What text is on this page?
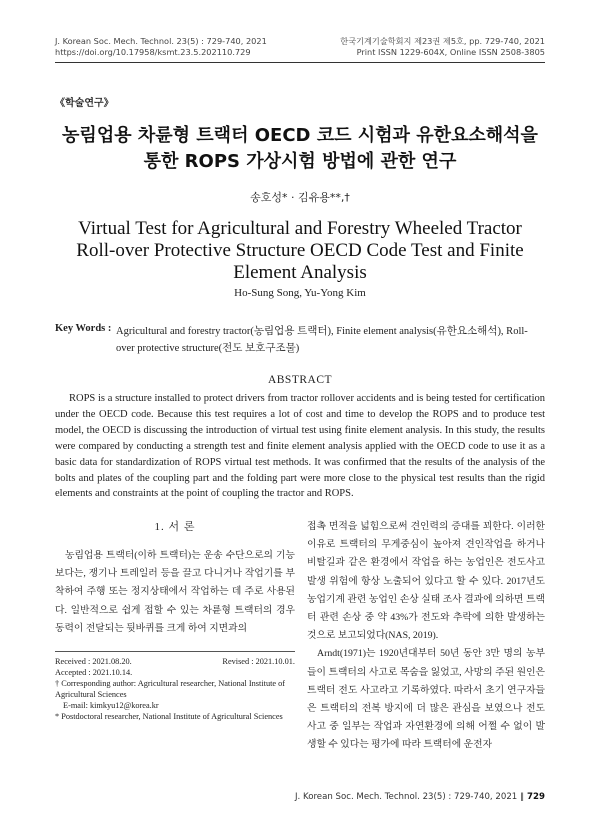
J. Korean Soc. Mech. Technol. 23(5) : 729-740, 2021
https://doi.org/10.17958/ksmt.23.5.202110.729
한국기계기술학회지 제23권 제5호, pp. 729-740, 2021
Print ISSN 1229-604X, Online ISSN 2508-3805
《학술연구》
농림업용 차륜형 트랙터 OECD 코드 시험과 유한요소해석을
통한 ROPS 가상시험 방법에 관한 연구
송호성* · 김유용**,†
Virtual Test for Agricultural and Forestry Wheeled Tractor
Roll-over Protective Structure OECD Code Test and Finite
Element Analysis
Ho-Sung Song, Yu-Yong Kim
Key Words : Agricultural and forestry tractor(농림업용 트랙터), Finite element analysis(유한요소해석), Roll-over protective structure(전도 보호구조물)
ABSTRACT
ROPS is a structure installed to protect drivers from tractor rollover accidents and is being tested for certification under the OECD code. Because this test requires a lot of cost and time to develop the ROPS and to produce test model, the OECD is discussing the introduction of virtual test using finite element analysis. In this study, the results were compared by conducting a strength test and finite element analysis applied with the OECD code to use it as a basic data for standardization of ROPS virtual test methods. It was confirmed that the results of the analysis of the bolts and plates of the coupling part and the folding part were more close to the physical test results than the rigid elements and constraints at the point of coupling the tractor and ROPS.
1. 서 론
농림업용 트랙터(이하 트랙터)는 운송 수단으로의 기능보다는, 쟁기나 트레일러 등을 끌고 다니거나 작업기를 부착하여 주행 또는 정지상태에서 작업하는 데 주로 사용된다. 일반적으로 쉽게 접할 수 있는 차륜형 트랙터의 경우 동력이 전달되는 뒷바퀴를 크게 하여 지면과의

접촉 면적을 넓힘으로써 견인력의 증대를 꾀한다. 이러한 이유로 트랙터의 무게중심이 높아져 견인작업을 하거나 비탈길과 같은 환경에서 작업을 하는 농업인은 전도사고 발생 위험에 항상 노출되어 있다고 할 수 있다. 2017년도 농업기계 관련 농업인 손상 실태 조사 결과에 의하면 트랙터 관련 손상 중 약 43%가 전도와 추락에 의한 발생하는 것으로 보고되었다(NAS, 2019).

Arndt(1971)는 1920년대부터 50년 동안 3만 명의 농부들이 트랙터의 사고로 목숨을 잃었고, 사망의 주된 원인은 트랙터 전도 사고라고 기록하였다. 따라서 초기 연구자들은 트랙터의 전복 방지에 더 많은 관심을 보였으나 전도 사고 중 일부는 작업과 자연환경에 의해 어쩔 수 없이 발생할 수 있다는 평가에 따라 트랙터에 운전자

Received : 2021.08.20.	Revised : 2021.10.01.
Accepted : 2021.10.14.
† Corresponding author: Agricultural researcher, National Institute of Agricultural Sciences
E-mail: kimkyu12@korea.kr
* Postdoctoral researcher, National Institute of Agricultural Sciences
J. Korean Soc. Mech. Technol. 23(5) : 729-740, 2021 ∥ 729
